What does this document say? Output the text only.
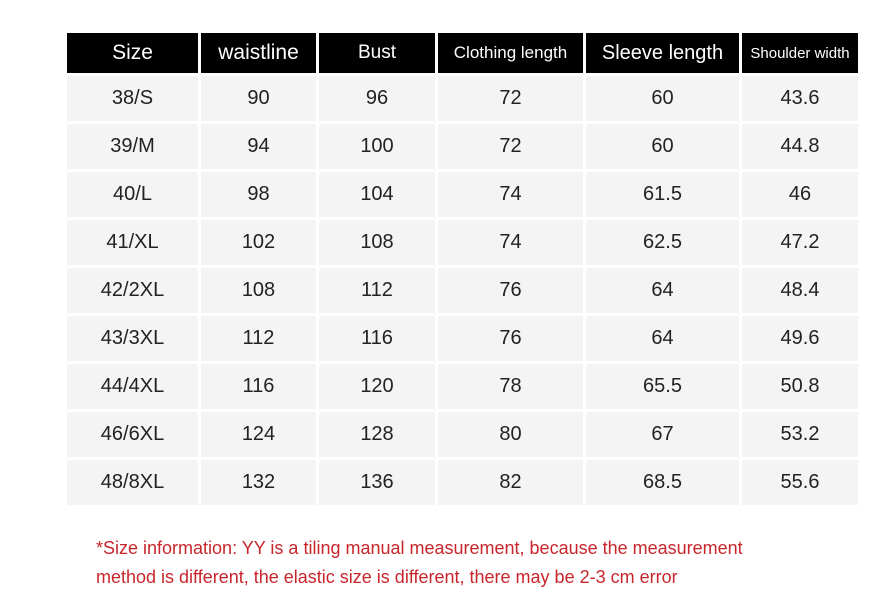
Size	waistline	Bust	Clothing length	Sleeve length	Shoulder width
38/S	90	96	72	60	43.6
39/M	94	100	72	60	44.8
40/L	98	104	74	61.5	46
41/XL	102	108	74	62.5	47.2
42/2XL	108	112	76	64	48.4
43/3XL	112	116	76	64	49.6
44/4XL	116	120	78	65.5	50.8
46/6XL	124	128	80	67	53.2
48/8XL	132	136	82	68.5	55.6
*Size information: YY is a tiling manual measurement, because the measurement
method is different, the elastic size is different, there may be 2-3 cm error
